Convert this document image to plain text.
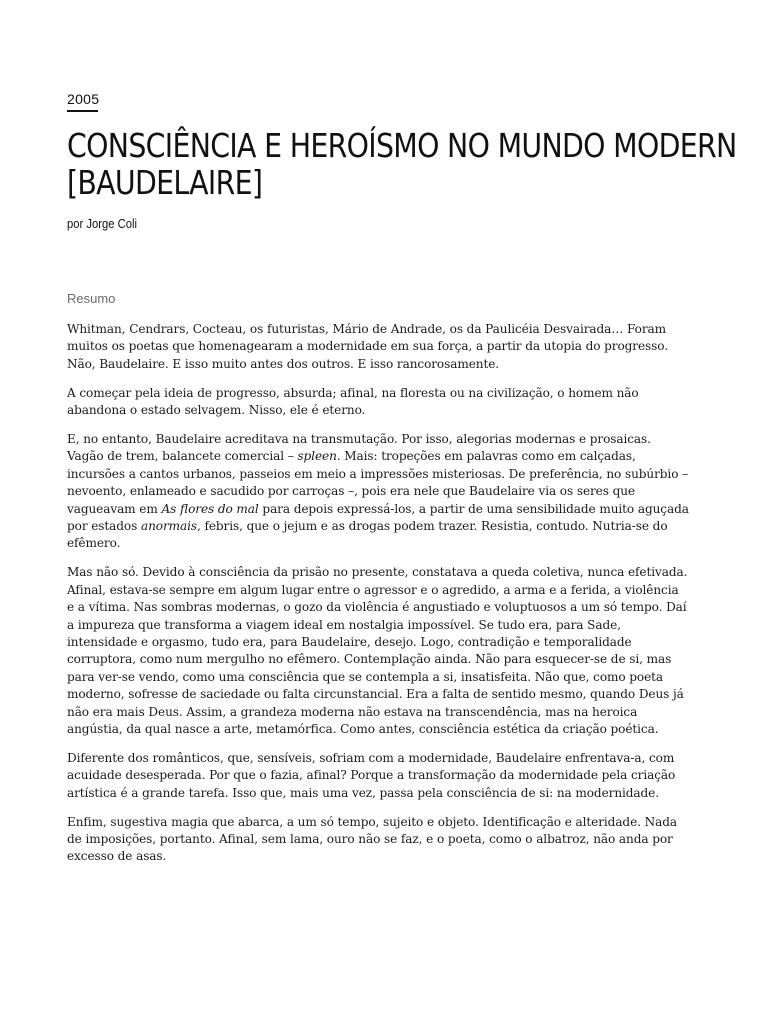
2005
CONSCIÊNCIA E HEROÍSMO NO MUNDO MODERN
[BAUDELAIRE]
por Jorge Coli
Resumo

Whitman, Cendrars, Cocteau, os futuristas, Mário de Andrade, os da Paulicéia Desvairada… Foram muitos os poetas que homenagearam a modernidade em sua força, a partir da utopia do progresso. Não, Baudelaire. E isso muito antes dos outros. E isso rancorosamente.

A começar pela ideia de progresso, absurda; afinal, na floresta ou na civilização, o homem não abandona o estado selvagem. Nisso, ele é eterno.

E, no entanto, Baudelaire acreditava na transmutação. Por isso, alegorias modernas e prosaicas. Vagão de trem, balancete comercial – spleen. Mais: tropeções em palavras como em calçadas, incursões a cantos urbanos, passeios em meio a impressões misteriosas. De preferência, no subúrbio – nevoento, enlameado e sacudido por carroças –, pois era nele que Baudelaire via os seres que vagueavam em As flores do mal para depois expressá-los, a partir de uma sensibilidade muito aguçada por estados anormais, febris, que o jejum e as drogas podem trazer. Resistia, contudo. Nutria-se do efêmero.

Mas não só. Devido à consciência da prisão no presente, constatava a queda coletiva, nunca efetivada. Afinal, estava-se sempre em algum lugar entre o agressor e o agredido, a arma e a ferida, a violência e a vítima. Nas sombras modernas, o gozo da violência é angustiado e voluptuosos a um só tempo. Daí a impureza que transforma a viagem ideal em nostalgia impossível. Se tudo era, para Sade, intensidade e orgasmo, tudo era, para Baudelaire, desejo. Logo, contradição e temporalidade corruptora, como num mergulho no efêmero. Contemplação ainda. Não para esquecer-se de si, mas para ver-se vendo, como uma consciência que se contempla a si, insatisfeita. Não que, como poeta moderno, sofresse de saciedade ou falta circunstancial. Era a falta de sentido mesmo, quando Deus já não era mais Deus. Assim, a grandeza moderna não estava na transcendência, mas na heroica angústia, da qual nasce a arte, metamórfica. Como antes, consciência estética da criação poética.

Diferente dos românticos, que, sensíveis, sofriam com a modernidade, Baudelaire enfrentava-a, com acuidade desesperada. Por que o fazia, afinal? Porque a transformação da modernidade pela criação artística é a grande tarefa. Isso que, mais uma vez, passa pela consciência de si: na modernidade.

Enfim, sugestiva magia que abarca, a um só tempo, sujeito e objeto. Identificação e alteridade. Nada de imposições, portanto. Afinal, sem lama, ouro não se faz, e o poeta, como o albatroz, não anda por excesso de asas.
